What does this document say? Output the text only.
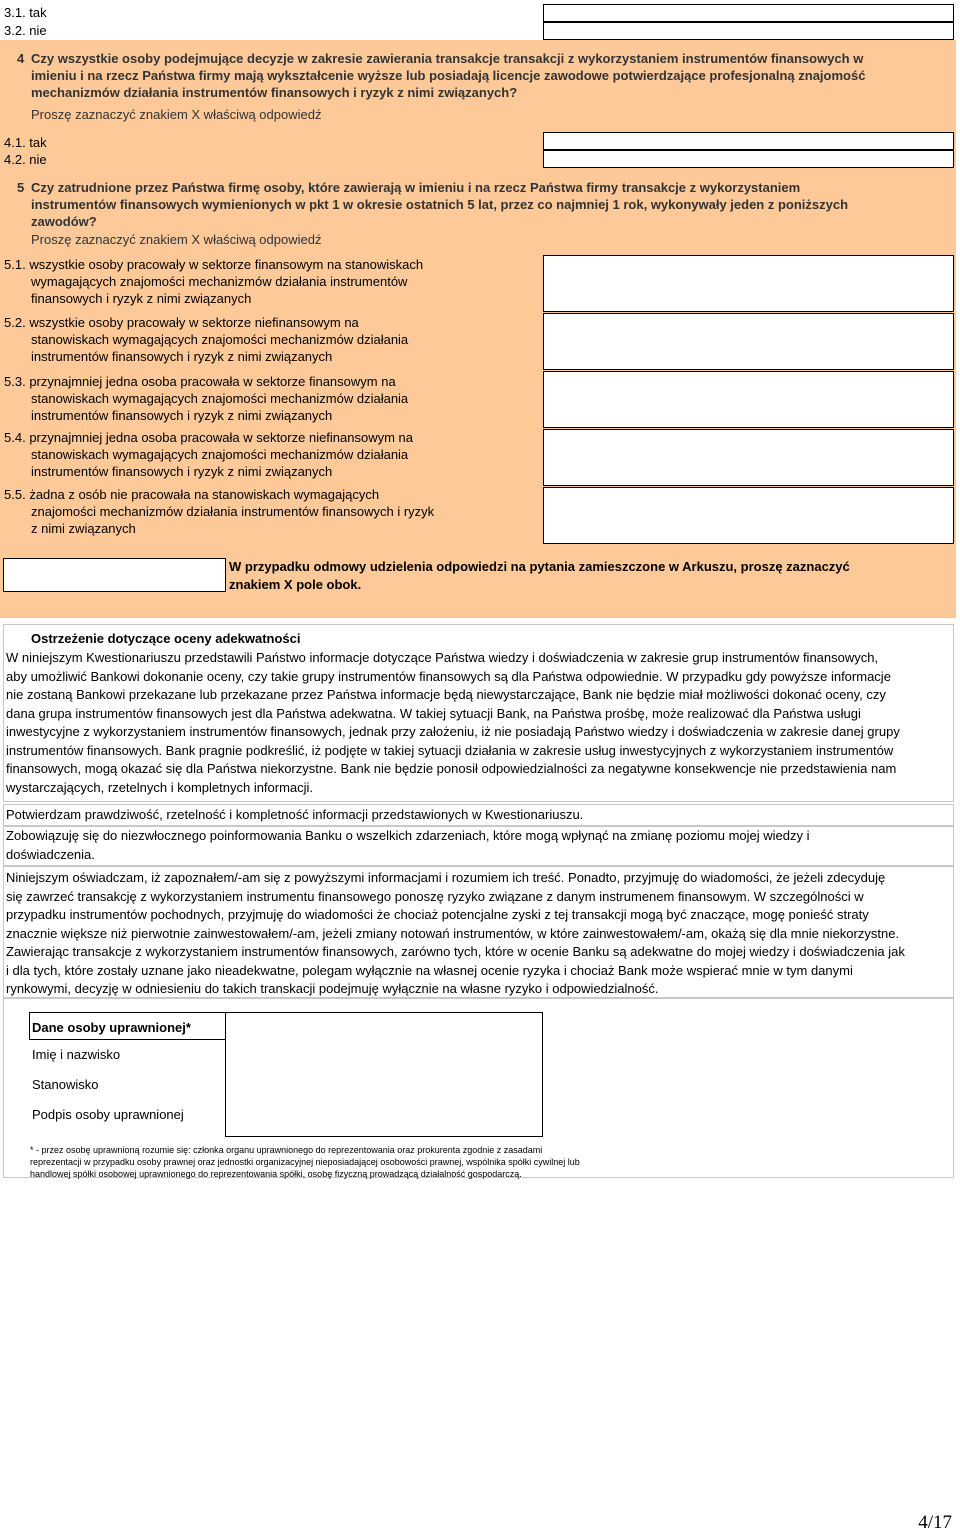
3.1. tak
3.2. nie
4 Czy wszystkie osoby podejmujące decyzje w zakresie zawierania transakcje transakcji z wykorzystaniem instrumentów finansowych w
imieniu i na rzecz Państwa firmy mają wykształcenie wyższe lub posiadają licencje zawodowe potwierdzające profesjonalną znajomość
mechanizmów działania instrumentów finansowych i ryzyk z nimi związanych?
Proszę zaznaczyć znakiem X właściwą odpowiedź
4.1. tak
4.2. nie
5 Czy zatrudnione przez Państwa firmę osoby, które zawierają w imieniu i na rzecz Państwa firmy transakcje z wykorzystaniem
instrumentów finansowych wymienionych w pkt 1 w okresie ostatnich 5 lat, przez co najmniej 1 rok, wykonywały jeden z poniższych
zawodów?
Proszę zaznaczyć znakiem X właściwą odpowiedź
5.1. wszystkie osoby pracowały w sektorze finansowym na stanowiskach
wymagających znajomości mechanizmów działania instrumentów
finansowych i ryzyk z nimi związanych
5.2. wszystkie osoby pracowały w sektorze niefinansowym na
stanowiskach wymagających znajomości mechanizmów działania
instrumentów finansowych i ryzyk z nimi związanych
5.3. przynajmniej jedna osoba pracowała w sektorze finansowym na
stanowiskach wymagających znajomości mechanizmów działania
instrumentów finansowych i ryzyk z nimi związanych
5.4. przynajmniej jedna osoba pracowała w sektorze niefinansowym na
stanowiskach wymagających znajomości mechanizmów działania
instrumentów finansowych i ryzyk z nimi związanych
5.5. żadna z osób nie pracowała na stanowiskach wymagających
znajomości mechanizmów działania instrumentów finansowych i ryzyk
z nimi związanych
W przypadku odmowy udzielenia odpowiedzi na pytania zamieszczone w Arkuszu, proszę zaznaczyć
znakiem X pole obok.
Ostrzeżenie dotyczące oceny adekwatności
W niniejszym Kwestionariuszu przedstawili Państwo informacje dotyczące Państwa wiedzy i doświadczenia w zakresie grup instrumentów finansowych,
aby umożliwić Bankowi dokonanie oceny, czy takie grupy instrumentów finansowych są dla Państwa odpowiednie. W przypadku gdy powyższe informacje
nie zostaną Bankowi przekazane lub przekazane przez Państwa informacje będą niewystarczające, Bank nie będzie miał możliwości dokonać oceny, czy
dana grupa instrumentów finansowych jest dla Państwa adekwatna. W takiej sytuacji Bank, na Państwa prośbę, może realizować dla Państwa usługi
inwestycyjne z wykorzystaniem instrumentów finansowych, jednak przy założeniu, iż nie posiadają Państwo wiedzy i doświadczenia w zakresie danej grupy
instrumentów finansowych. Bank pragnie podkreślić, iż podjęte w takiej sytuacji działania w zakresie usług inwestycyjnych z wykorzystaniem instrumentów
finansowych, mogą okazać się dla Państwa niekorzystne. Bank nie będzie ponosił odpowiedzialności za negatywne konsekwencje nie przedstawienia nam
wystarczających, rzetelnych i kompletnych informacji.
Potwierdzam prawdziwość, rzetelność i kompletność informacji przedstawionych w Kwestionariuszu.
Zobowiązuję się do niezwłocznego poinformowania Banku o wszelkich zdarzeniach, które mogą wpłynąć na zmianę poziomu mojej wiedzy i
doświadczenia.
Niniejszym oświadczam, iż zapoznałem/-am się z powyższymi informacjami i rozumiem ich treść. Ponadto, przyjmuję do wiadomości, że jeżeli zdecyduję
się zawrzeć transakcję z wykorzystaniem instrumentu finansowego ponoszę ryzyko związane z danym instrumenem finansowym. W szczególności w
przypadku instrumentów pochodnych, przyjmuję do wiadomości że chociaż potencjalne zyski z tej transakcji mogą być znaczące, mogę ponieść straty
znacznie większe niż pierwotnie zainwestowałem/-am, jeżeli zmiany notowań instrumentów, w które zainwestowałem/-am, okażą się dla mnie niekorzystne.
Zawierając transakcje z wykorzystaniem instrumentów finansowych, zarówno tych, które w ocenie Banku są adekwatne do mojej wiedzy i doświadczenia jak
i dla tych, które zostały uznane jako nieadekwatne, polegam wyłącznie na własnej ocenie ryzyka i chociaż Bank może wspierać mnie w tym danymi
rynkowymi, decyzję w odniesieniu do takich transkacji podejmuję wyłącznie na własne ryzyko i odpowiedzialność.
Dane osoby uprawnionej*
Imię i nazwisko
Stanowisko
Podpis osoby uprawnionej
* - przez osobę uprawnioną rozumie się: członka organu uprawnionego do reprezentowania oraz prokurenta zgodnie z zasadami
reprezentacji w przypadku osoby prawnej oraz jednostki organizacyjnej nieposiadającej osobowości prawnej, wspólnika spółki cywilnej lub
handlowej spółki osobowej uprawnionego do reprezentowania spółki, osobę fizyczną prowadzącą działalność gospodarczą.
4/17
